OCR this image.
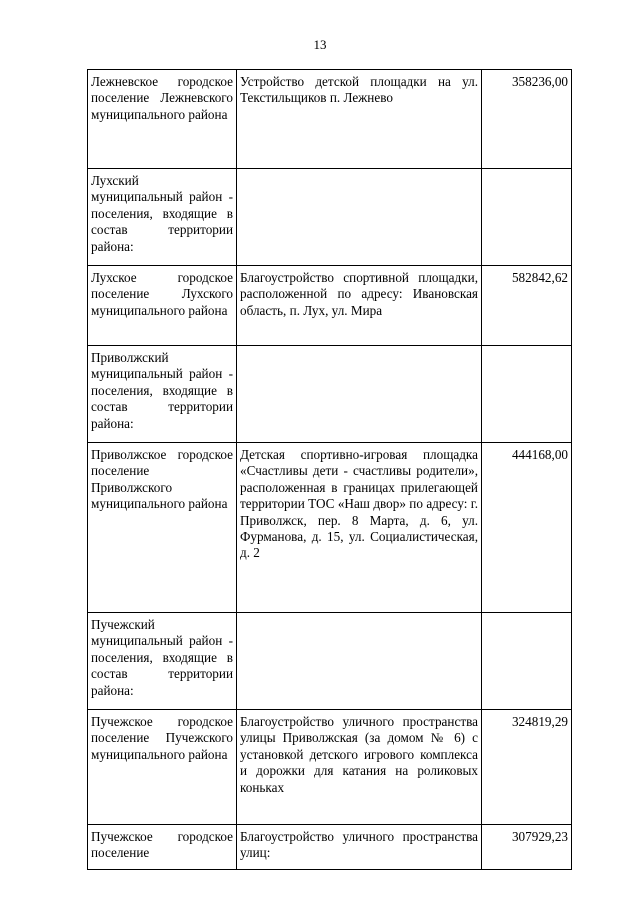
13
Лежневское городское поселение Лежневского муниципального района	Устройство детской площадки на ул. Текстильщиков п. Лежнево	358236,00

Лухский муниципальный район - поселения, входящие в состав территории района:		

Лухское городское поселение Лухского муниципального района	Благоустройство спортивной площадки, расположенной по адресу: Ивановская область, п. Лух, ул. Мира	582842,62

Приволжский муниципальный район - поселения, входящие в состав территории района:		

Приволжское городское поселение Приволжского муниципального района	Детская спортивно-игровая площадка «Счастливы дети - счастливы родители», расположенная в границах прилегающей территории ТОС «Наш двор» по адресу: г. Приволжск, пер. 8 Марта, д. 6, ул. Фурманова, д. 15, ул. Социалистическая, д. 2	444168,00

Пучежский муниципальный район - поселения, входящие в состав территории района:		

Пучежское городское поселение Пучежского муниципального района	Благоустройство уличного пространства улицы Приволжская (за домом № 6) с установкой детского игрового комплекса и дорожки для катания на роликовых коньках	324819,29

Пучежское городское поселение	Благоустройство уличного пространства улиц:	307929,23
